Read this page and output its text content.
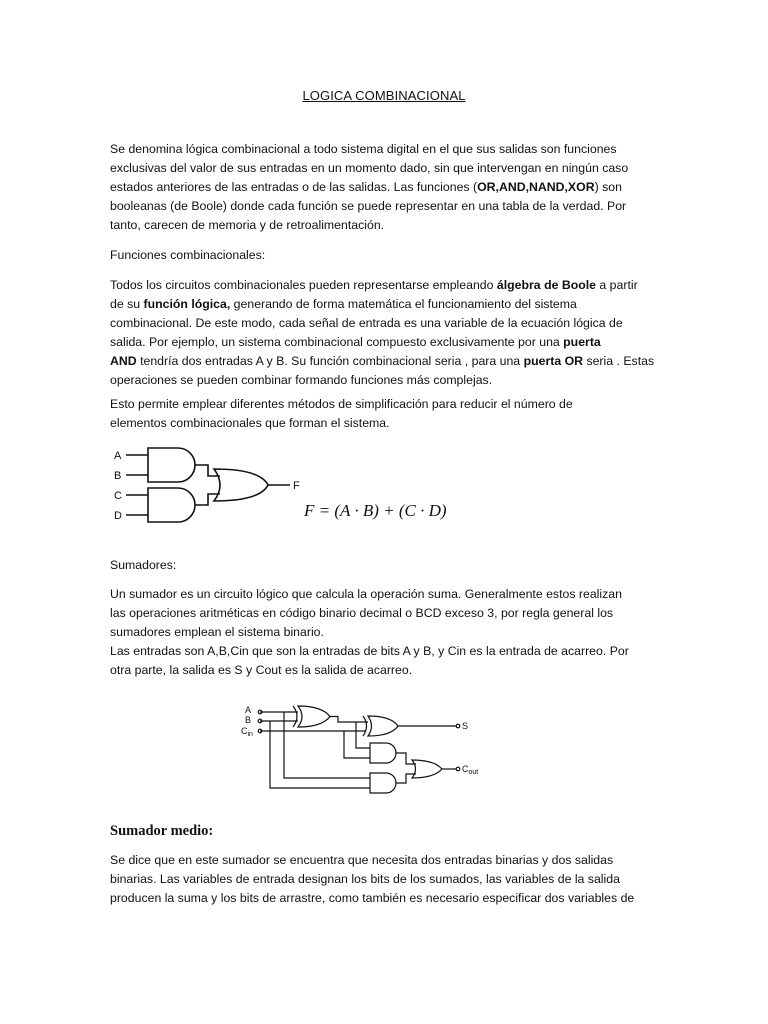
LOGICA COMBINACIONAL
Se denomina lógica combinacional a todo sistema digital en el que sus salidas son funciones
exclusivas del valor de sus entradas en un momento dado, sin que intervengan en ningún caso
estados anteriores de las entradas o de las salidas. Las funciones (OR,AND,NAND,XOR) son
booleanas (de Boole) donde cada función se puede representar en una tabla de la verdad. Por
tanto, carecen de memoria y de retroalimentación.
Funciones combinacionales:
Todos los circuitos combinacionales pueden representarse empleando álgebra de Boole a partir
de su función lógica, generando de forma matemática el funcionamiento del sistema
combinacional. De este modo, cada señal de entrada es una variable de la ecuación lógica de
salida. Por ejemplo, un sistema combinacional compuesto exclusivamente por una puerta
AND tendría dos entradas A y B. Su función combinacional seria , para una puerta OR seria . Estas
operaciones se pueden combinar formando funciones más complejas.
Esto permite emplear diferentes métodos de simplificación para reducir el número de
elementos combinacionales que forman el sistema.
A
B
C
D
F
F = (A · B) + (C · D)
Sumadores:
Un sumador es un circuito lógico que calcula la operación suma. Generalmente estos realizan
las operaciones aritméticas en código binario decimal o BCD exceso 3, por regla general los
sumadores emplean el sistema binario.
Las entradas son A,B,Cin que son la entradas de bits A y B, y Cin es la entrada de acarreo. Por
otra parte, la salida es S y Cout es la salida de acarreo.
A
B
$C_{in}$
S
$C_{out}$
Sumador medio:
Se dice que en este sumador se encuentra que necesita dos entradas binarias y dos salidas
binarias. Las variables de entrada designan los bits de los sumados, las variables de la salida
producen la suma y los bits de arrastre, como también es necesario especificar dos variables de
